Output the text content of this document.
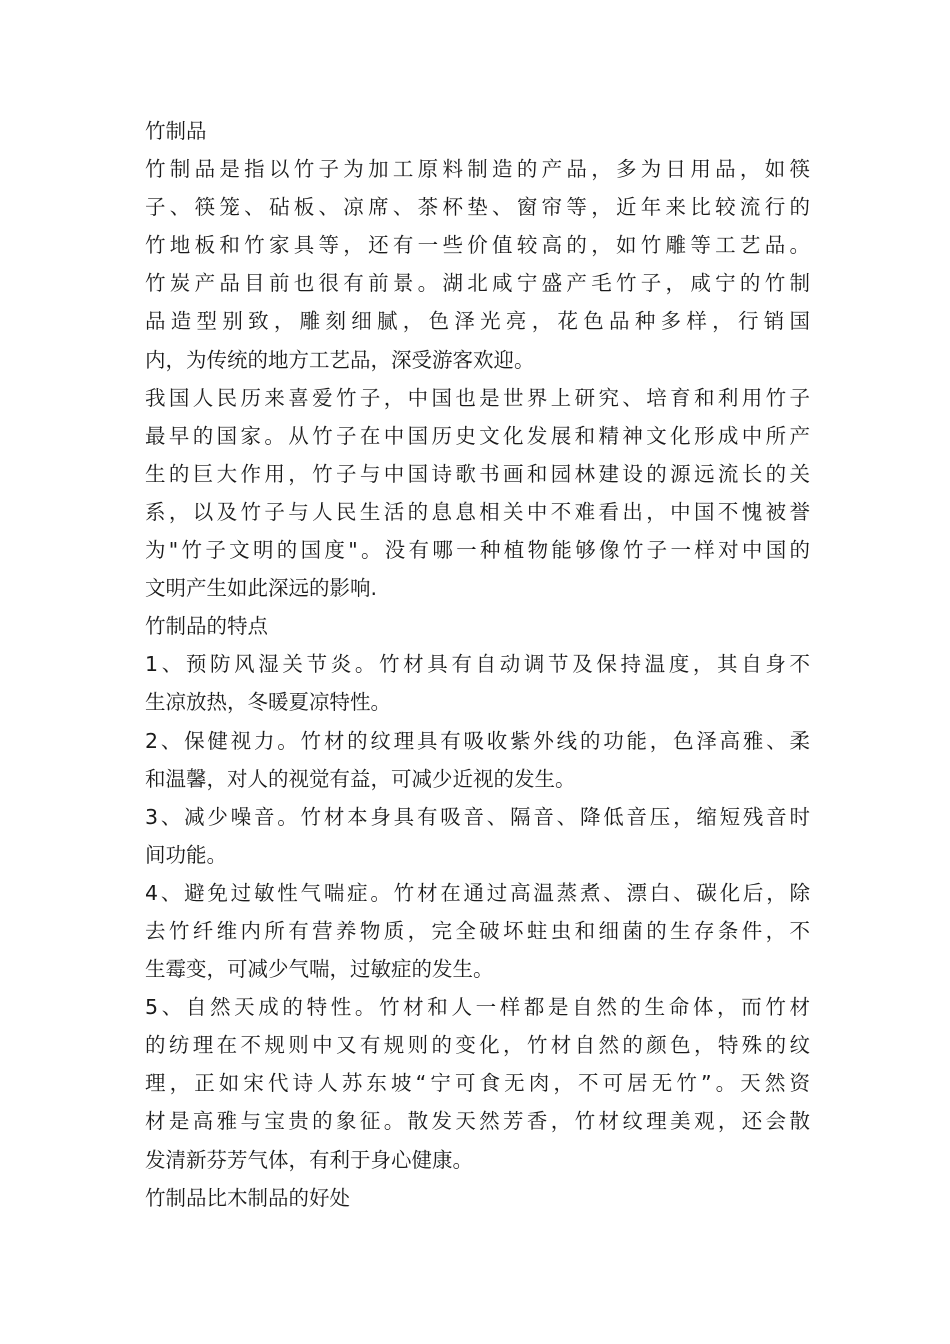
竹制品
竹制品是指以竹子为加工原料制造的产品，多为日用品，如筷
子、筷笼、砧板、凉席、茶杯垫、窗帘等，近年来比较流行的
竹地板和竹家具等，还有一些价值较高的，如竹雕等工艺品。
竹炭产品目前也很有前景。湖北咸宁盛产毛竹子，咸宁的竹制
品造型别致，雕刻细腻，色泽光亮，花色品种多样，行销国
内，为传统的地方工艺品，深受游客欢迎。
我国人民历来喜爱竹子，中国也是世界上研究、培育和利用竹子
最早的国家。从竹子在中国历史文化发展和精神文化形成中所产
生的巨大作用，竹子与中国诗歌书画和园林建设的源远流长的关
系，以及竹子与人民生活的息息相关中不难看出，中国不愧被誉
为"竹子文明的国度"。没有哪一种植物能够像竹子一样对中国的
文明产生如此深远的影响.
竹制品的特点
1、预防风湿关节炎。竹材具有自动调节及保持温度，其自身不
生凉放热，冬暖夏凉特性。
2、保健视力。竹材的纹理具有吸收紫外线的功能，色泽高雅、柔
和温馨，对人的视觉有益，可减少近视的发生。
3、减少噪音。竹材本身具有吸音、隔音、降低音压，缩短残音时
间功能。
4、避免过敏性气喘症。竹材在通过高温蒸煮、漂白、碳化后，除
去竹纤维内所有营养物质，完全破坏蛀虫和细菌的生存条件，不
生霉变，可减少气喘，过敏症的发生。
5、自然天成的特性。竹材和人一样都是自然的生命体，而竹材
的纺理在不规则中又有规则的变化，竹材自然的颜色，特殊的纹
理，正如宋代诗人苏东坡“宁可食无肉，不可居无竹”。天然资
材是高雅与宝贵的象征。散发天然芳香，竹材纹理美观，还会散
发清新芬芳气体，有利于身心健康。
竹制品比木制品的好处
